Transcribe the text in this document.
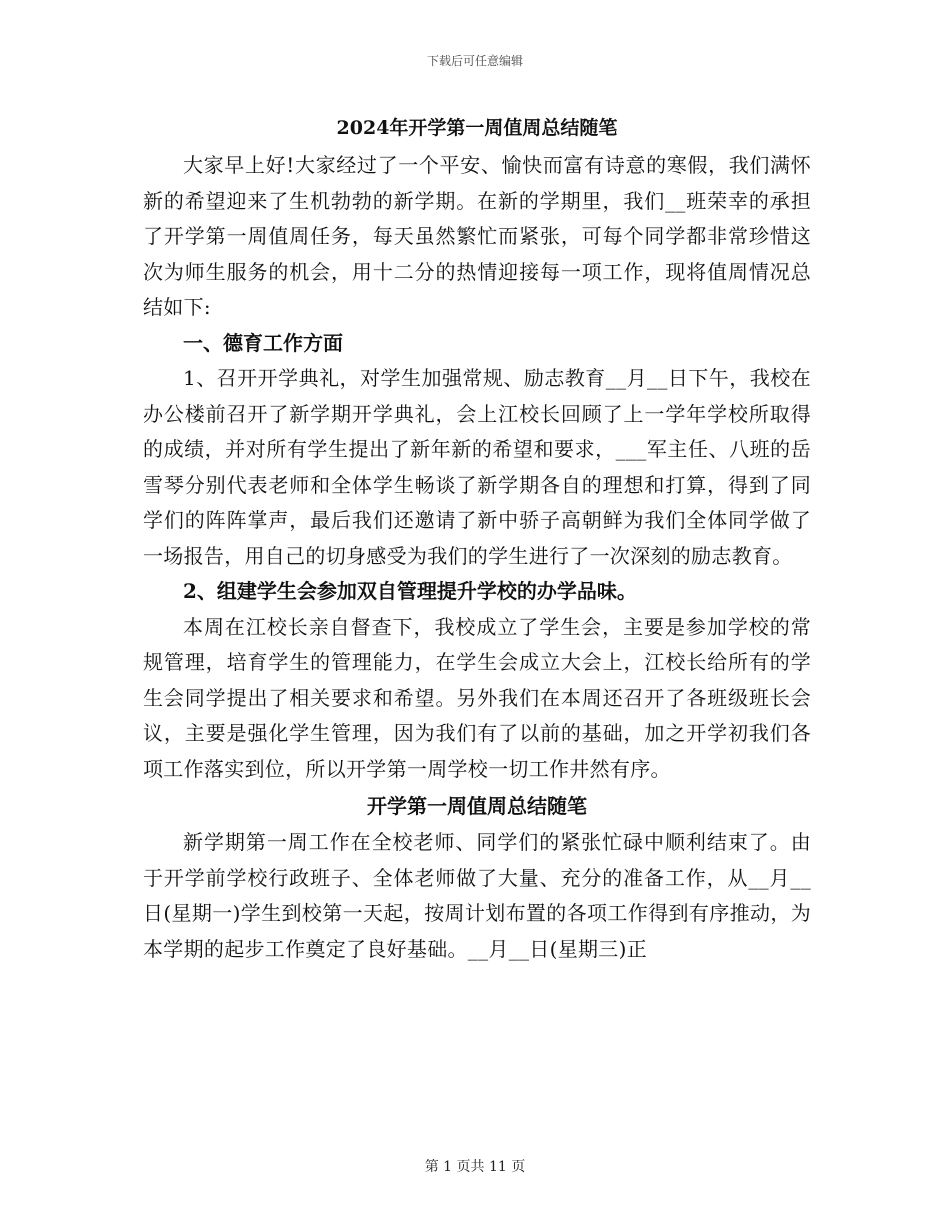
下载后可任意编辑
2024年开学第一周值周总结随笔

大家早上好!大家经过了一个平安、愉快而富有诗意的寒假，我们满怀新的希望迎来了生机勃勃的新学期。在新的学期里，我们__班荣幸的承担了开学第一周值周任务，每天虽然繁忙而紧张，可每个同学都非常珍惜这次为师生服务的机会，用十二分的热情迎接每一项工作，现将值周情况总结如下:

一、德育工作方面

1、召开开学典礼，对学生加强常规、励志教育__月__日下午，我校在办公楼前召开了新学期开学典礼，会上江校长回顾了上一学年学校所取得的成绩，并对所有学生提出了新年新的希望和要求，___军主任、八班的岳雪琴分别代表老师和全体学生畅谈了新学期各自的理想和打算，得到了同学们的阵阵掌声，最后我们还邀请了新中骄子高朝鲜为我们全体同学做了一场报告，用自己的切身感受为我们的学生进行了一次深刻的励志教育。

2、组建学生会参加双自管理提升学校的办学品味。

本周在江校长亲自督查下，我校成立了学生会，主要是参加学校的常规管理，培育学生的管理能力，在学生会成立大会上，江校长给所有的学生会同学提出了相关要求和希望。另外我们在本周还召开了各班级班长会议，主要是强化学生管理，因为我们有了以前的基础，加之开学初我们各项工作落实到位，所以开学第一周学校一切工作井然有序。

开学第一周值周总结随笔

新学期第一周工作在全校老师、同学们的紧张忙碌中顺利结束了。由于开学前学校行政班子、全体老师做了大量、充分的准备工作，从__月__日(星期一)学生到校第一天起，按周计划布置的各项工作得到有序推动，为本学期的起步工作奠定了良好基础。__月__日(星期三)正

第 1 页共 11 页
